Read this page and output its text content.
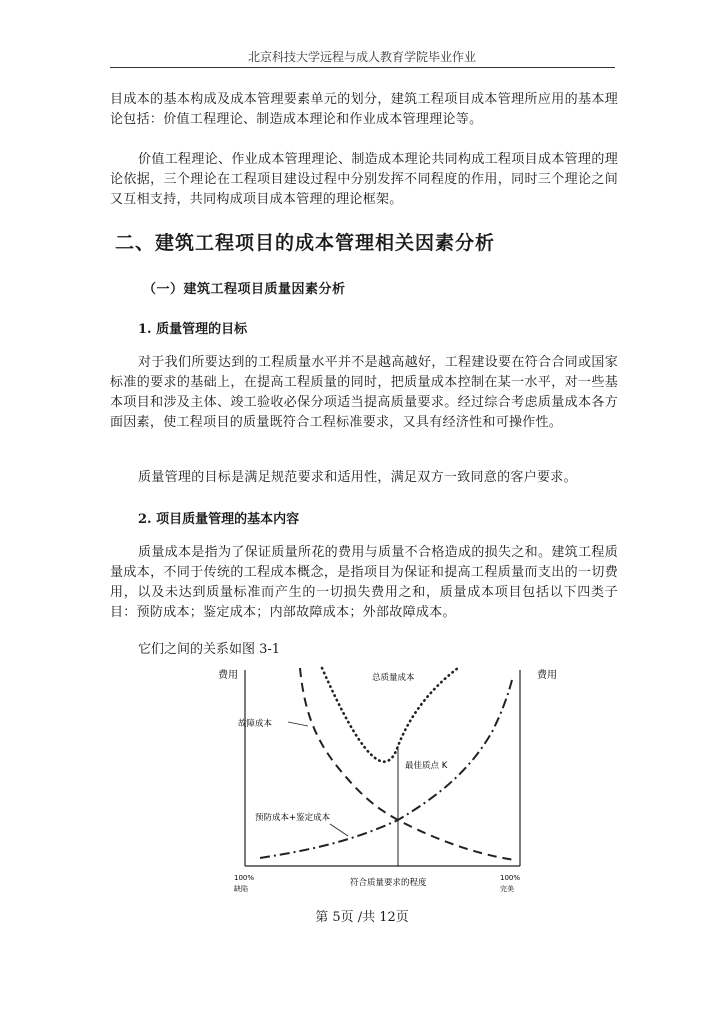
北京科技大学远程与成人教育学院毕业作业

目成本的基本构成及成本管理要素单元的划分，建筑工程项目成本管理所应用的基本理论包括：价值工程理论、制造成本理论和作业成本管理理论等。

价值工程理论、作业成本管理理论、制造成本理论共同构成工程项目成本管理的理论依据，三个理论在工程项目建设过程中分别发挥不同程度的作用，同时三个理论之间又互相支持，共同构成项目成本管理的理论框架。

二、建筑工程项目的成本管理相关因素分析
（一）建筑工程项目质量因素分析
1. 质量管理的目标

对于我们所要达到的工程质量水平并不是越高越好，工程建设要在符合合同或国家标准的要求的基础上，在提高工程质量的同时，把质量成本控制在某一水平，对一些基本项目和涉及主体、竣工验收必保分项适当提高质量要求。经过综合考虑质量成本各方面因素，使工程项目的质量既符合工程标准要求，又具有经济性和可操作性。

质量管理的目标是满足规范要求和适用性，满足双方一致同意的客户要求。

2. 项目质量管理的基本内容

质量成本是指为了保证质量所花的费用与质量不合格造成的损失之和。建筑工程质量成本，不同于传统的工程成本概念，是指项目为保证和提高工程质量而支出的一切费用，以及未达到质量标准而产生的一切损失费用之和，质量成本项目包括以下四类子目：预防成本；鉴定成本；内部故障成本；外部故障成本。

它们之间的关系如图 3-1
费用	费用
总质量成本
故障成本
最佳质点 K
预防成本+鉴定成本
100%
缺陷
符合质量要求的程度	100%
完美
第 5页 /共 12页
